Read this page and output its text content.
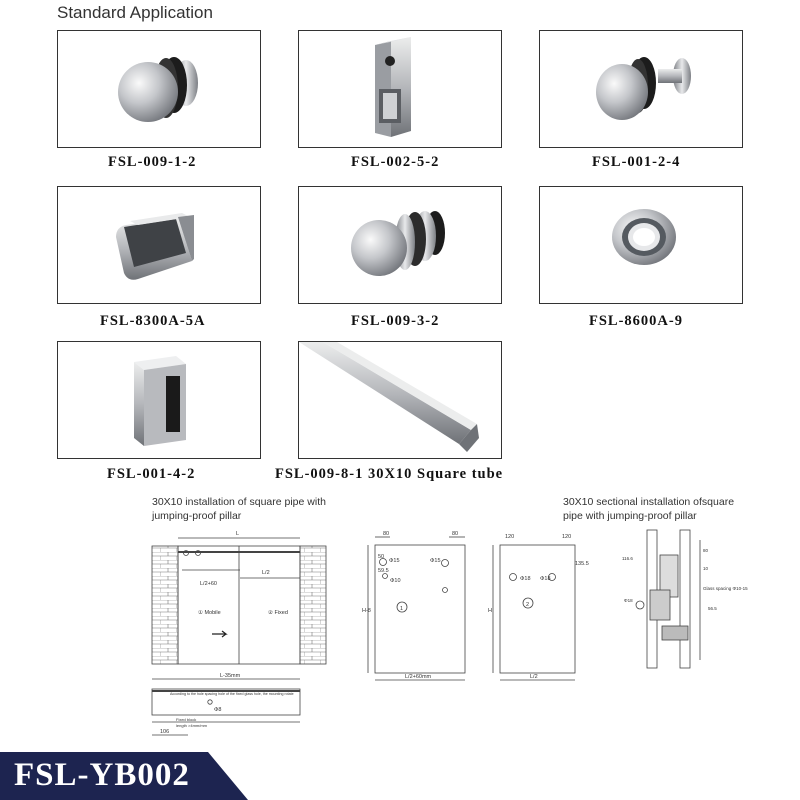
Standard Application
FSL-009-1-2	FSL-002-5-2	FSL-001-2-4
FSL-8300A-5A	FSL-009-3-2	FSL-8600A-9
FSL-001-4-2	FSL-009-8-1 30X10 Square tube
30X10 installation of square pipe with
jumping-proof pillar
30X10 sectional installation ofsquare
pipe with jumping-proof pillar
L
L/2+60
L/2
① Mobile	② Fixed
L-35mm
According to the hole spacing hole of the fixed glass hole, the mounting rotate
Φ8
Fixed block
length >4mm/mm
106
80	80
50
59.5
Φ15	Φ15
Φ10
H-8	1
L/2+60mm
120	120
135.5
Φ18 Φ18
H
2
L/2
116.6
80
10
Glass spacing Φ10-15
56.5
Φ18
FSL-YB002
